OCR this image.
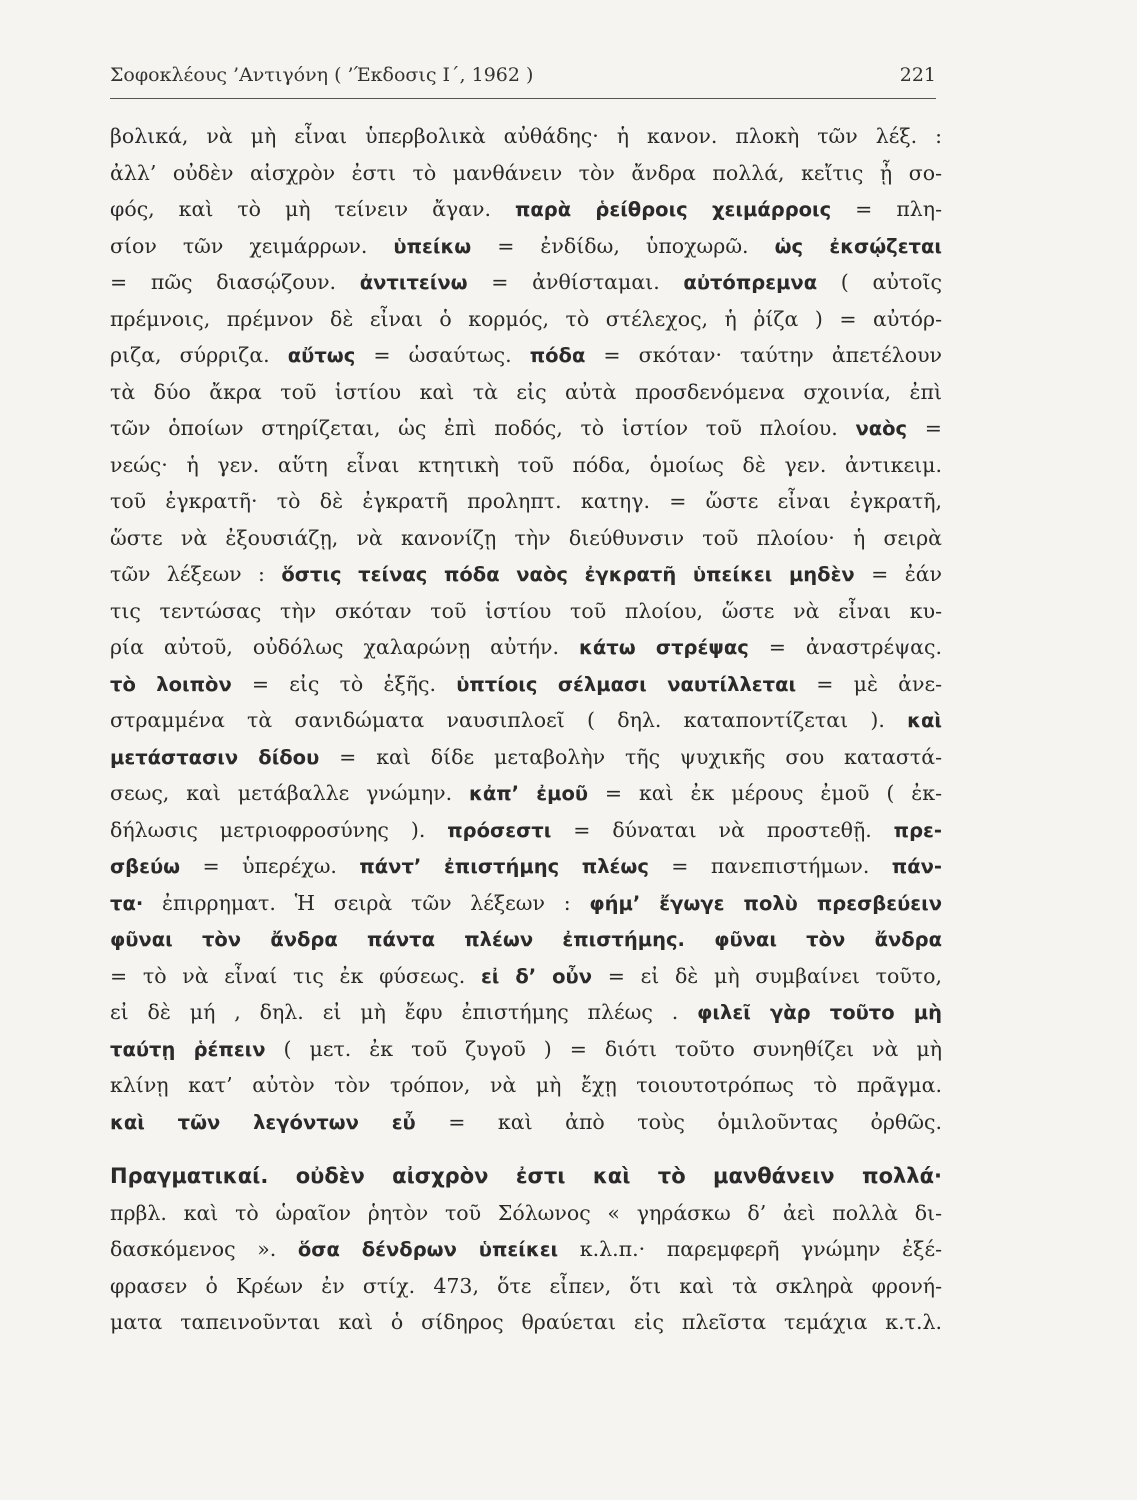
Σοφοκλέους ’Αντιγόνη ( ’Έκδοσις Ι΄, 1962 )	221
βολικά, νὰ μὴ εἶναι ὑπερβολικὰ αὐθάδης· ἡ κανον. πλοκὴ τῶν λέξ. :
ἀλλ’ οὐδὲν αἰσχρὸν ἐστι τὸ μανθάνειν τὸν ἄνδρα πολλά, κεἴτις ᾖ σο-
φός, καὶ τὸ μὴ τείνειν ἄγαν. παρὰ ῥείθροις χειμάρροις = πλη-
σίον τῶν χειμάρρων. ὑπείκω = ἐνδίδω, ὑποχωρῶ. ὡς ἐκσῴζεται
= πῶς διασῴζουν. ἀντιτείνω = ἀνθίσταμαι. αὐτόπρεμνα ( αὐτοῖς
πρέμνοις, πρέμνον δὲ εἶναι ὁ κορμός, τὸ στέλεχος, ἡ ῥίζα ) = αὐτόρ-
ριζα, σύρριζα. αὔτως = ὡσαύτως. πόδα = σκόταν· ταύτην ἀπετέλουν
τὰ δύο ἄκρα τοῦ ἱστίου καὶ τὰ εἰς αὐτὰ προσδενόμενα σχοινία, ἐπὶ
τῶν ὁποίων στηρίζεται, ὡς ἐπὶ ποδός, τὸ ἱστίον τοῦ πλοίου. ναὸς =
νεώς· ἡ γεν. αὕτη εἶναι κτητικὴ τοῦ πόδα, ὁμοίως δὲ γεν. ἀντικειμ.
τοῦ ἐγκρατῆ· τὸ δὲ ἐγκρατῆ προληπτ. κατηγ. = ὥστε εἶναι ἐγκρατῆ,
ὥστε νὰ ἐξουσιάζῃ, νὰ κανονίζῃ τὴν διεύθυνσιν τοῦ πλοίου· ἡ σειρὰ
τῶν λέξεων : ὅστις τείνας πόδα ναὸς ἐγκρατῆ ὑπείκει μηδὲν = ἐάν
τις τεντώσας τὴν σκόταν τοῦ ἱστίου τοῦ πλοίου, ὥστε νὰ εἶναι κυ-
ρία αὐτοῦ, οὐδόλως χαλαρώνῃ αὐτήν. κάτω στρέψας = ἀναστρέψας.
τὸ λοιπὸν = εἰς τὸ ἑξῆς. ὑπτίοις σέλμασι ναυτίλλεται = μὲ ἀνε-
στραμμένα τὰ σανιδώματα ναυσιπλοεῖ ( δηλ. καταποντίζεται ). καὶ
μετάστασιν δίδου = καὶ δίδε μεταβολὴν τῆς ψυχικῆς σου καταστά-
σεως, καὶ μετάβαλλε γνώμην. κἀπ’ ἐμοῦ = καὶ ἐκ μέρους ἐμοῦ ( ἐκ-
δήλωσις μετριοφροσύνης ). πρόσεστι = δύναται νὰ προστεθῇ. πρε-
σβεύω = ὑπερέχω. πάντ’ ἐπιστήμης πλέως = πανεπιστήμων. πάν-
τα· ἐπιρρηματ. Ἡ σειρὰ τῶν λέξεων : φήμ’ ἔγωγε πολὺ πρεσβεύειν
φῦναι τὸν ἄνδρα πάντα πλέων ἐπιστήμης. φῦναι τὸν ἄνδρα
= τὸ νὰ εἶναί τις ἐκ φύσεως. εἰ δ’ οὖν = εἰ δὲ μὴ συμβαίνει τοῦτο,
εἰ δὲ μή , δηλ. εἰ μὴ ἔφυ ἐπιστήμης πλέως . φιλεῖ γὰρ τοῦτο μὴ
ταύτῃ ῥέπειν ( μετ. ἐκ τοῦ ζυγοῦ ) = διότι τοῦτο συνηθίζει νὰ μὴ
κλίνῃ κατ’ αὐτὸν τὸν τρόπον, νὰ μὴ ἔχῃ τοιουτοτρόπως τὸ πρᾶγμα.
καὶ τῶν λεγόντων εὖ = καὶ ἀπὸ τοὺς ὁμιλοῦντας ὀρθῶς.
Πραγματικαί. οὐδὲν αἰσχρὸν ἐστι καὶ τὸ μανθάνειν πολλά·
πρβλ. καὶ τὸ ὡραῖον ῥητὸν τοῦ Σόλωνος « γηράσκω δ’ ἀεὶ πολλὰ δι-
δασκόμενος ». ὅσα δένδρων ὑπείκει κ.λ.π.· παρεμφερῆ γνώμην ἐξέ-
φρασεν ὁ Κρέων ἐν στίχ. 473, ὅτε εἶπεν, ὅτι καὶ τὰ σκληρὰ φρονή-
ματα ταπεινοῦνται καὶ ὁ σίδηρος θραύεται εἰς πλεῖστα τεμάχια κ.τ.λ.
